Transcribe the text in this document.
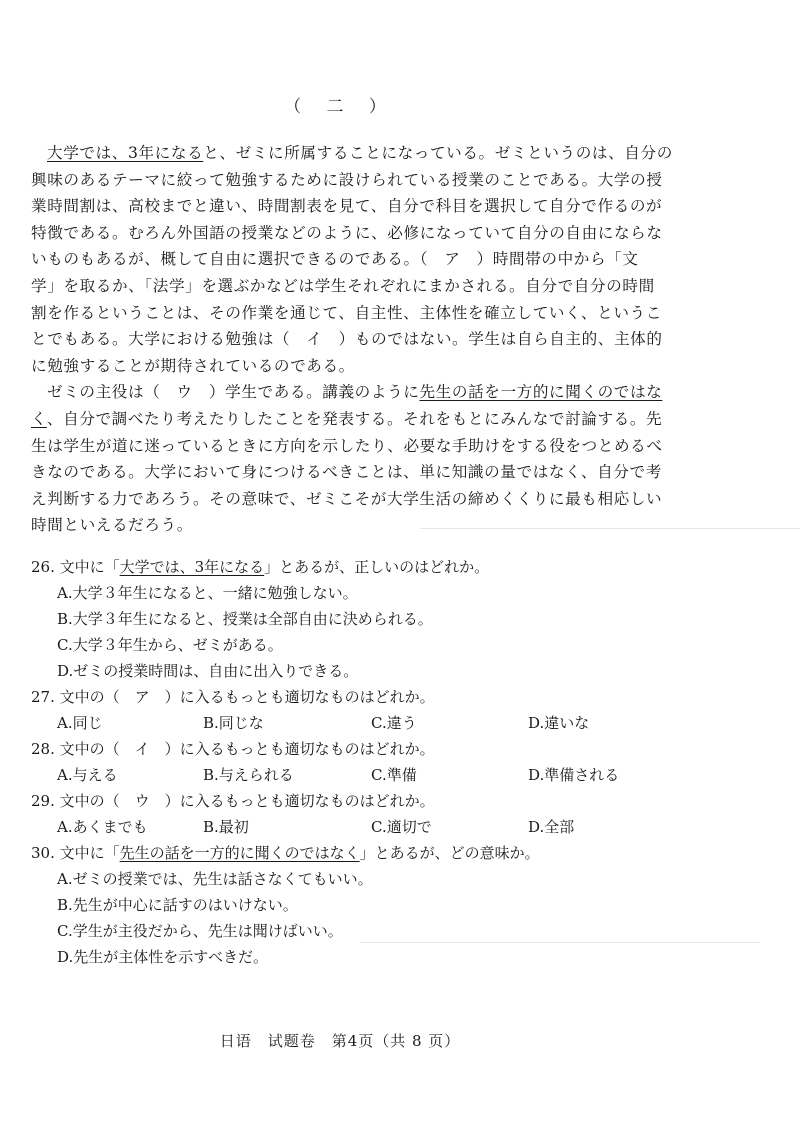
（ 二 ）
大学では、3年になると、ゼミに所属することになっている。ゼミというのは、自分の
興味のあるテーマに絞って勉強するために設けられている授業のことである。大学の授
業時間割は、高校までと違い、時間割表を見て、自分で科目を選択して自分で作るのが
特徴である。むろん外国語の授業などのように、必修になっていて自分の自由にならな
いものもあるが、概して自由に選択できるのである。（　ア　）時間帯の中から「文
学」を取るか、「法学」を選ぶかなどは学生それぞれにまかされる。自分で自分の時間
割を作るということは、その作業を通じて、自主性、主体性を確立していく、というこ
とでもある。大学における勉強は（　イ　）ものではない。学生は自ら自主的、主体的
に勉強することが期待されているのである。
ゼミの主役は（　ウ　）学生である。講義のように先生の話を一方的に聞くのではな
く、自分で調べたり考えたりしたことを発表する。それをもとにみんなで討論する。先
生は学生が道に迷っているときに方向を示したり、必要な手助けをする役をつとめるべ
きなのである。大学において身につけるべきことは、単に知識の量ではなく、自分で考
え判断する力であろう。その意味で、ゼミこそが大学生活の締めくくりに最も相応しい
時間といえるだろう。
26. 文中に「大学では、3年になる」とあるが、正しいのはどれか。
A.大学３年生になると、一緒に勉強しない。
B.大学３年生になると、授業は全部自由に決められる。
C.大学３年生から、ゼミがある。
D.ゼミの授業時間は、自由に出入りできる。
27. 文中の（　ア　）に入るもっとも適切なものはどれか。
A.同じ	B.同じな	C.違う	D.違いな
28. 文中の（　イ　）に入るもっとも適切なものはどれか。
A.与える	B.与えられる	C.準備	D.準備される
29. 文中の（　ウ　）に入るもっとも適切なものはどれか。
A.あくまでも	B.最初	C.適切で	D.全部
30. 文中に「先生の話を一方的に聞くのではなく」とあるが、どの意味か。
A.ゼミの授業では、先生は話さなくてもいい。
B.先生が中心に話すのはいけない。
C.学生が主役だから、先生は聞けばいい。
D.先生が主体性を示すべきだ。
日语　试题卷　第4页（共 8 页）
